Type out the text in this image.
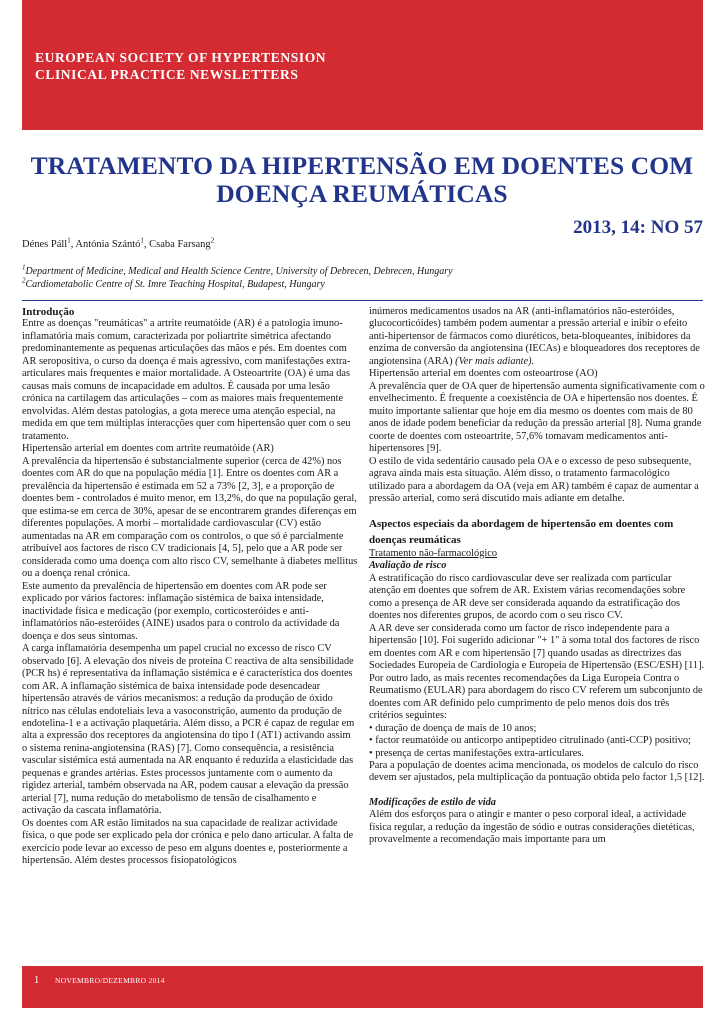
EUROPEAN SOCIETY OF HYPERTENSION
CLINICAL PRACTICE NEWSLETTERS
TRATAMENTO DA HIPERTENSÃO EM DOENTES COM
DOENÇA REUMÁTICAS
2013, 14: NO 57
Dénes Páll$^1$, Antónia Szántó$^1$, Csaba Farsang$^2$
$^1$Department of Medicine, Medical and Health Science Centre, University of Debrecen, Debrecen, Hungary
$^2$Cardiometabolic Centre of St. Imre Teaching Hospital, Budapest, Hungary

Introdução

Entre as doenças "reumáticas" a artrite reumatóide (AR) é a patologia imuno-inflamatória mais comum, caracterizada por poliartrite simétrica afectando predominantemente as pequenas articulações das mãos e pés. Em doentes com AR seropositiva, o curso da doença é mais agressivo, com manifestações extra-articulares mais frequentes e maior mortalidade. A Osteoartrite (OA) é uma das causas mais comuns de incapacidade em adultos. É causada por uma lesão crónica na cartilagem das articulações – com as maiores mais frequentemente envolvidas. Além destas patologias, a gota merece uma atenção especial, na medida em que tem múltiplas interacções quer com hipertensão quer com o seu tratamento.

Hipertensão arterial em doentes com artrite reumatóide (AR)

A prevalência da hipertensão é substancialmente superior (cerca de 42%) nos doentes com AR do que na população média [1]. Entre os doentes com AR a prevalência da hipertensão é estimada em 52 a 73% [2, 3], e a proporção de doentes bem - controlados é muito menor, em 13,2%, do que na população geral, que estima-se em cerca de 30%, apesar de se encontrarem grandes diferenças em diferentes populações. A morbi – mortalidade cardiovascular (CV) estão aumentadas na AR em comparação com os controlos, o que só é parcialmente atribuível aos factores de risco CV tradicionais [4, 5], pelo que a AR pode ser considerada como uma doença com alto risco CV, semelhante à diabetes mellitus ou a doença renal crónica.

Este aumento da prevalência de hipertensão em doentes com AR pode ser explicado por vários factores: inflamação sistémica de baixa intensidade, inactividade física e medicação (por exemplo, corticosteróides e anti-inflamatórios não-esteróides (AINE) usados para o controlo da actividade da doença e dos seus sintomas.

A carga inflamatória desempenha um papel crucial no excesso de risco CV observado [6]. A elevação dos níveis de proteína C reactiva de alta sensibilidade (PCR hs) é representativa da inflamação sistémica e é característica dos doentes com AR. A inflamação sistémica de baixa intensidade pode desencadear hipertensão através de vários mecanismos: a redução da produção de óxido nítrico nas células endoteliais leva a vasoconstrição, aumento da produção de endotelina-1 e a activação plaquetária. Além disso, a PCR é capaz de regular em alta a expressão dos receptores da angiotensina do tipo I (AT1) activando assim o sistema renina-angiotensina (RAS) [7]. Como consequência, a resistência vascular sistémica está aumentada na AR enquanto é reduzida a elasticidade das pequenas e grandes artérias. Estes processos juntamente com o aumento da rigidez arterial, também observada na AR, podem causar a elevação da pressão arterial [7], numa redução do metabolismo de tensão de cisalhamento e activação da cascata inflamatória.

Os doentes com AR estão limitados na sua capacidade de realizar actividade física, o que pode ser explicado pela dor crónica e pelo dano articular. A falta de exercício pode levar ao excesso de peso em alguns doentes e, posteriormente a hipertensão. Além destes processos fisiopatológicos

inúmeros medicamentos usados na AR (anti-inflamatórios não-esteróides, glucocorticóides) também podem aumentar a pressão arterial e inibir o efeito anti-hipertensor de fármacos como diuréticos, beta-bloqueantes, inibidores da enzima de conversão da angiotensina (IECAs) e bloqueadores dos receptores de angiotensina (ARA) (Ver mais adiante).

Hipertensão arterial em doentes com osteoartrose (AO)

A prevalência quer de OA quer de hipertensão aumenta significativamente com o envelhecimento. É frequente a coexistência de OA e hipertensão nos doentes. É muito importante salientar que hoje em dia mesmo os doentes com mais de 80 anos de idade podem beneficiar da redução da pressão arterial [8]. Numa grande coorte de doentes com osteoartrite, 57,6% tomavam medicamentos anti-hipertensores [9].

O estilo de vida sedentário causado pela OA e o excesso de peso subsequente, agrava ainda mais esta situação. Além disso, o tratamento farmacológico utilizado para a abordagem da OA (veja em AR) também é capaz de aumentar a pressão arterial, como será discutido mais adiante em detalhe.

Aspectos especiais da abordagem de hipertensão em doentes com doenças reumáticas

Tratamento não-farmacológico

Avaliação de risco

A estratificação do risco cardiovascular deve ser realizada com particular atenção em doentes que sofrem de AR. Existem várias recomendações sobre como a presença de AR deve ser considerada aquando da estratificação dos doentes nos diferentes grupos, de acordo com o seu risco CV.

A AR deve ser considerada como um factor de risco independente para a hipertensão [10]. Foi sugerido adicionar "+ 1" à soma total dos factores de risco em doentes com AR e com hipertensão [7] quando usadas as directrizes das Sociedades Europeia de Cardiologia e Europeia de Hipertensão (ESC/ESH) [11]. Por outro lado, as mais recentes recomendações da Liga Europeia Contra o Reumatismo (EULAR) para abordagem do risco CV referem um subconjunto de doentes com AR definido pelo cumprimento de pelo menos dois dos três critérios seguintes:

• duração de doença de mais de 10 anos;

• factor reumatóide ou anticorpo antipeptídeo citrulinado (anti-CCP) positivo;

• presença de certas manifestações extra-articulares.

Para a população de doentes acima mencionada, os modelos de calculo do risco devem ser ajustados, pela multiplicação da pontuação obtida pelo factor 1,5 [12].

Modificações de estilo de vida

Além dos esforços para o atingir e manter o peso corporal ideal, a actividade física regular, a redução da ingestão de sódio e outras considerações dietéticas, provavelmente a recomendação mais importante para um

1 NOVEMBRO/DEZEMBRO 2014
